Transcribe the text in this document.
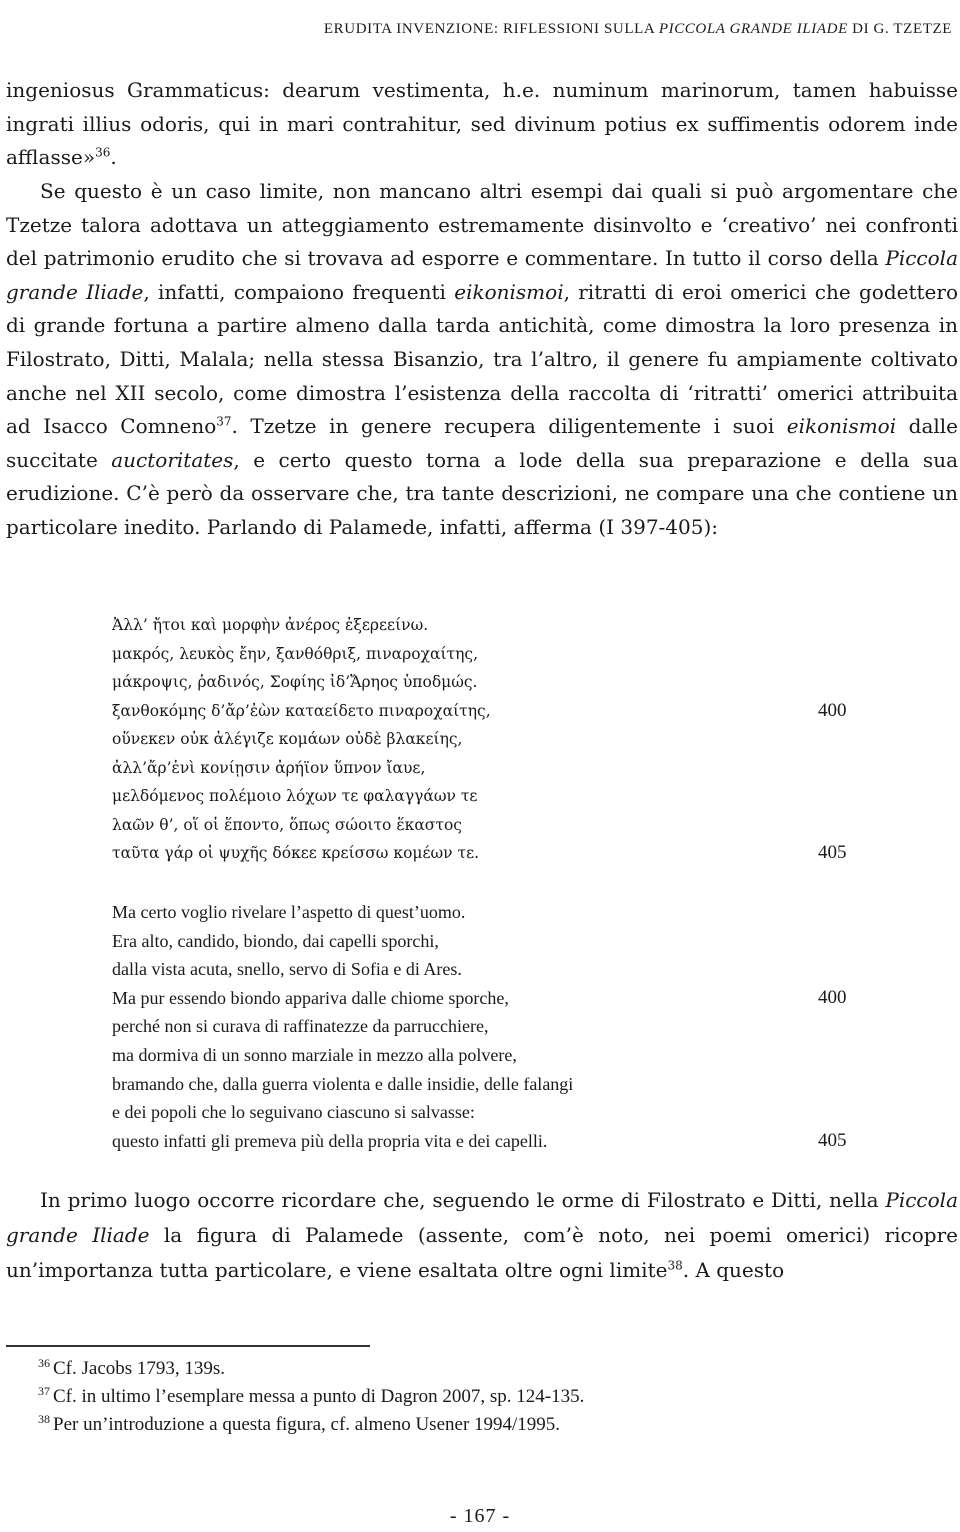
ERUDITA INVENZIONE: RIFLESSIONI SULLA PICCOLA GRANDE ILIADE DI G. TZETZE
ingeniosus Grammaticus: dearum vestimenta, h.e. numinum marinorum, tamen habuisse ingrati illius odoris, qui in mari contrahitur, sed divinum potius ex suffimentis odorem inde afflasse»$^{36}$.
Se questo è un caso limite, non mancano altri esempi dai quali si può argomentare che Tzetze talora adottava un atteggiamento estremamente disinvolto e ‘creativo’ nei confronti del patrimonio erudito che si trovava ad esporre e commentare. In tutto il corso della Piccola grande Iliade, infatti, compaiono frequenti eikonismoi, ritratti di eroi omerici che godettero di grande fortuna a partire almeno dalla tarda antichità, come dimostra la loro presenza in Filostrato, Ditti, Malala; nella stessa Bisanzio, tra l’altro, il genere fu ampiamente coltivato anche nel XII secolo, come dimostra l’esistenza della raccolta di ‘ritratti’ omerici attribuita ad Isacco Comneno$^{37}$. Tzetze in genere recupera diligentemente i suoi eikonismoi dalle succitate auctoritates, e certo questo torna a lode della sua preparazione e della sua erudizione. C’è però da osservare che, tra tante descrizioni, ne compare una che contiene un particolare inedito. Parlando di Palamede, infatti, afferma (I 397-405):
Ἀλλ’ ἤτοι καὶ μορφὴν ἀνέρος ἐξερεείνω.
μακρός, λευκὸς ἔην, ξανθόθριξ, πιναροχαίτης,
μάκροψις, ῥαδινός, Σοφίης ἰδ’Ἄρηος ὑποδμώς.
ξανθοκόμης δ’ἄρ’ἐὼν καταείδετο πιναροχαίτης,	400
οὕνεκεν οὐκ ἀλέγιζε κομάων οὐδὲ βλακείης,
ἀλλ’ἄρ’ἐνὶ κονίῃσιν ἀρήϊον ὕπνον ἴαυε,
μελδόμενος πολέμοιο λόχων τε φαλαγγάων τε
λαῶν θ’, οἵ οἱ ἕποντο, ὅπως σώοιτο ἕκαστος
ταῦτα γάρ οἱ ψυχῆς δόκεε κρείσσω κομέων τε.	405
Ma certo voglio rivelare l’aspetto di quest’uomo.
Era alto, candido, biondo, dai capelli sporchi,
dalla vista acuta, snello, servo di Sofia e di Ares.
Ma pur essendo biondo appariva dalle chiome sporche,	400
perché non si curava di raffinatezze da parrucchiere,
ma dormiva di un sonno marziale in mezzo alla polvere,
bramando che, dalla guerra violenta e dalle insidie, delle falangi
e dei popoli che lo seguivano ciascuno si salvasse:
questo infatti gli premeva più della propria vita e dei capelli.	405
In primo luogo occorre ricordare che, seguendo le orme di Filostrato e Ditti, nella Piccola grande Iliade la figura di Palamede (assente, com’è noto, nei poemi omerici) ricopre un’importanza tutta particolare, e viene esaltata oltre ogni limite$^{38}$. A questo
$^{36}$ Cf. Jacobs 1793, 139s.
$^{37}$ Cf. in ultimo l’esemplare messa a punto di Dagron 2007, sp. 124-135.
$^{38}$ Per un’introduzione a questa figura, cf. almeno Usener 1994/1995.
- 167 -
